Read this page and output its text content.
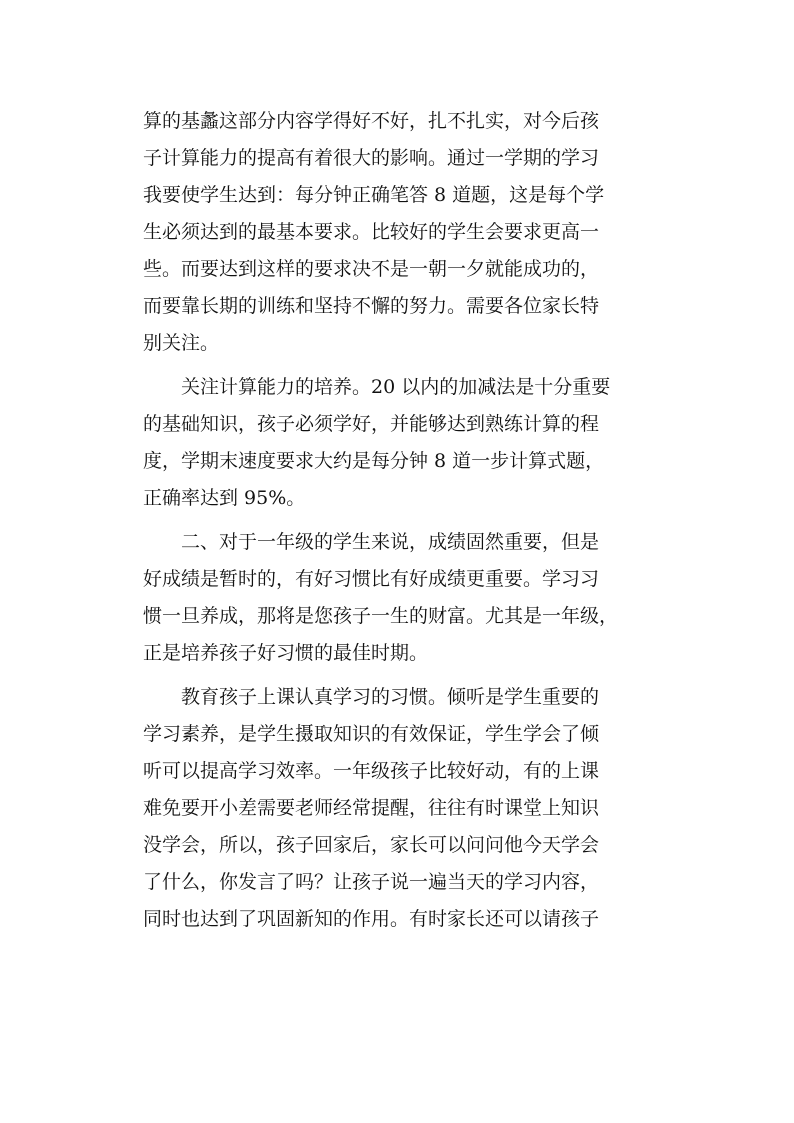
算的基蠡这部分内容学得好不好，扎不扎实，对今后孩
子计算能力的提高有着很大的影响。通过一学期的学习
我要使学生达到：每分钟正确笔答 8 道题，这是每个学
生必须达到的最基本要求。比较好的学生会要求更高一
些。而要达到这样的要求决不是一朝一夕就能成功的，
而要靠长期的训练和坚持不懈的努力。需要各位家长特
别关注。
关注计算能力的培养。20 以内的加减法是十分重要
的基础知识，孩子必须学好，并能够达到熟练计算的程
度，学期末速度要求大约是每分钟 8 道一步计算式题，
正确率达到 95%。
二、对于一年级的学生来说，成绩固然重要，但是
好成绩是暂时的，有好习惯比有好成绩更重要。学习习
惯一旦养成，那将是您孩子一生的财富。尤其是一年级，
正是培养孩子好习惯的最佳时期。
教育孩子上课认真学习的习惯。倾听是学生重要的
学习素养，是学生摄取知识的有效保证，学生学会了倾
听可以提高学习效率。一年级孩子比较好动，有的上课
难免要开小差需要老师经常提醒，往往有时课堂上知识
没学会，所以，孩子回家后，家长可以问问他今天学会
了什么，你发言了吗？让孩子说一遍当天的学习内容，
同时也达到了巩固新知的作用。有时家长还可以请孩子
